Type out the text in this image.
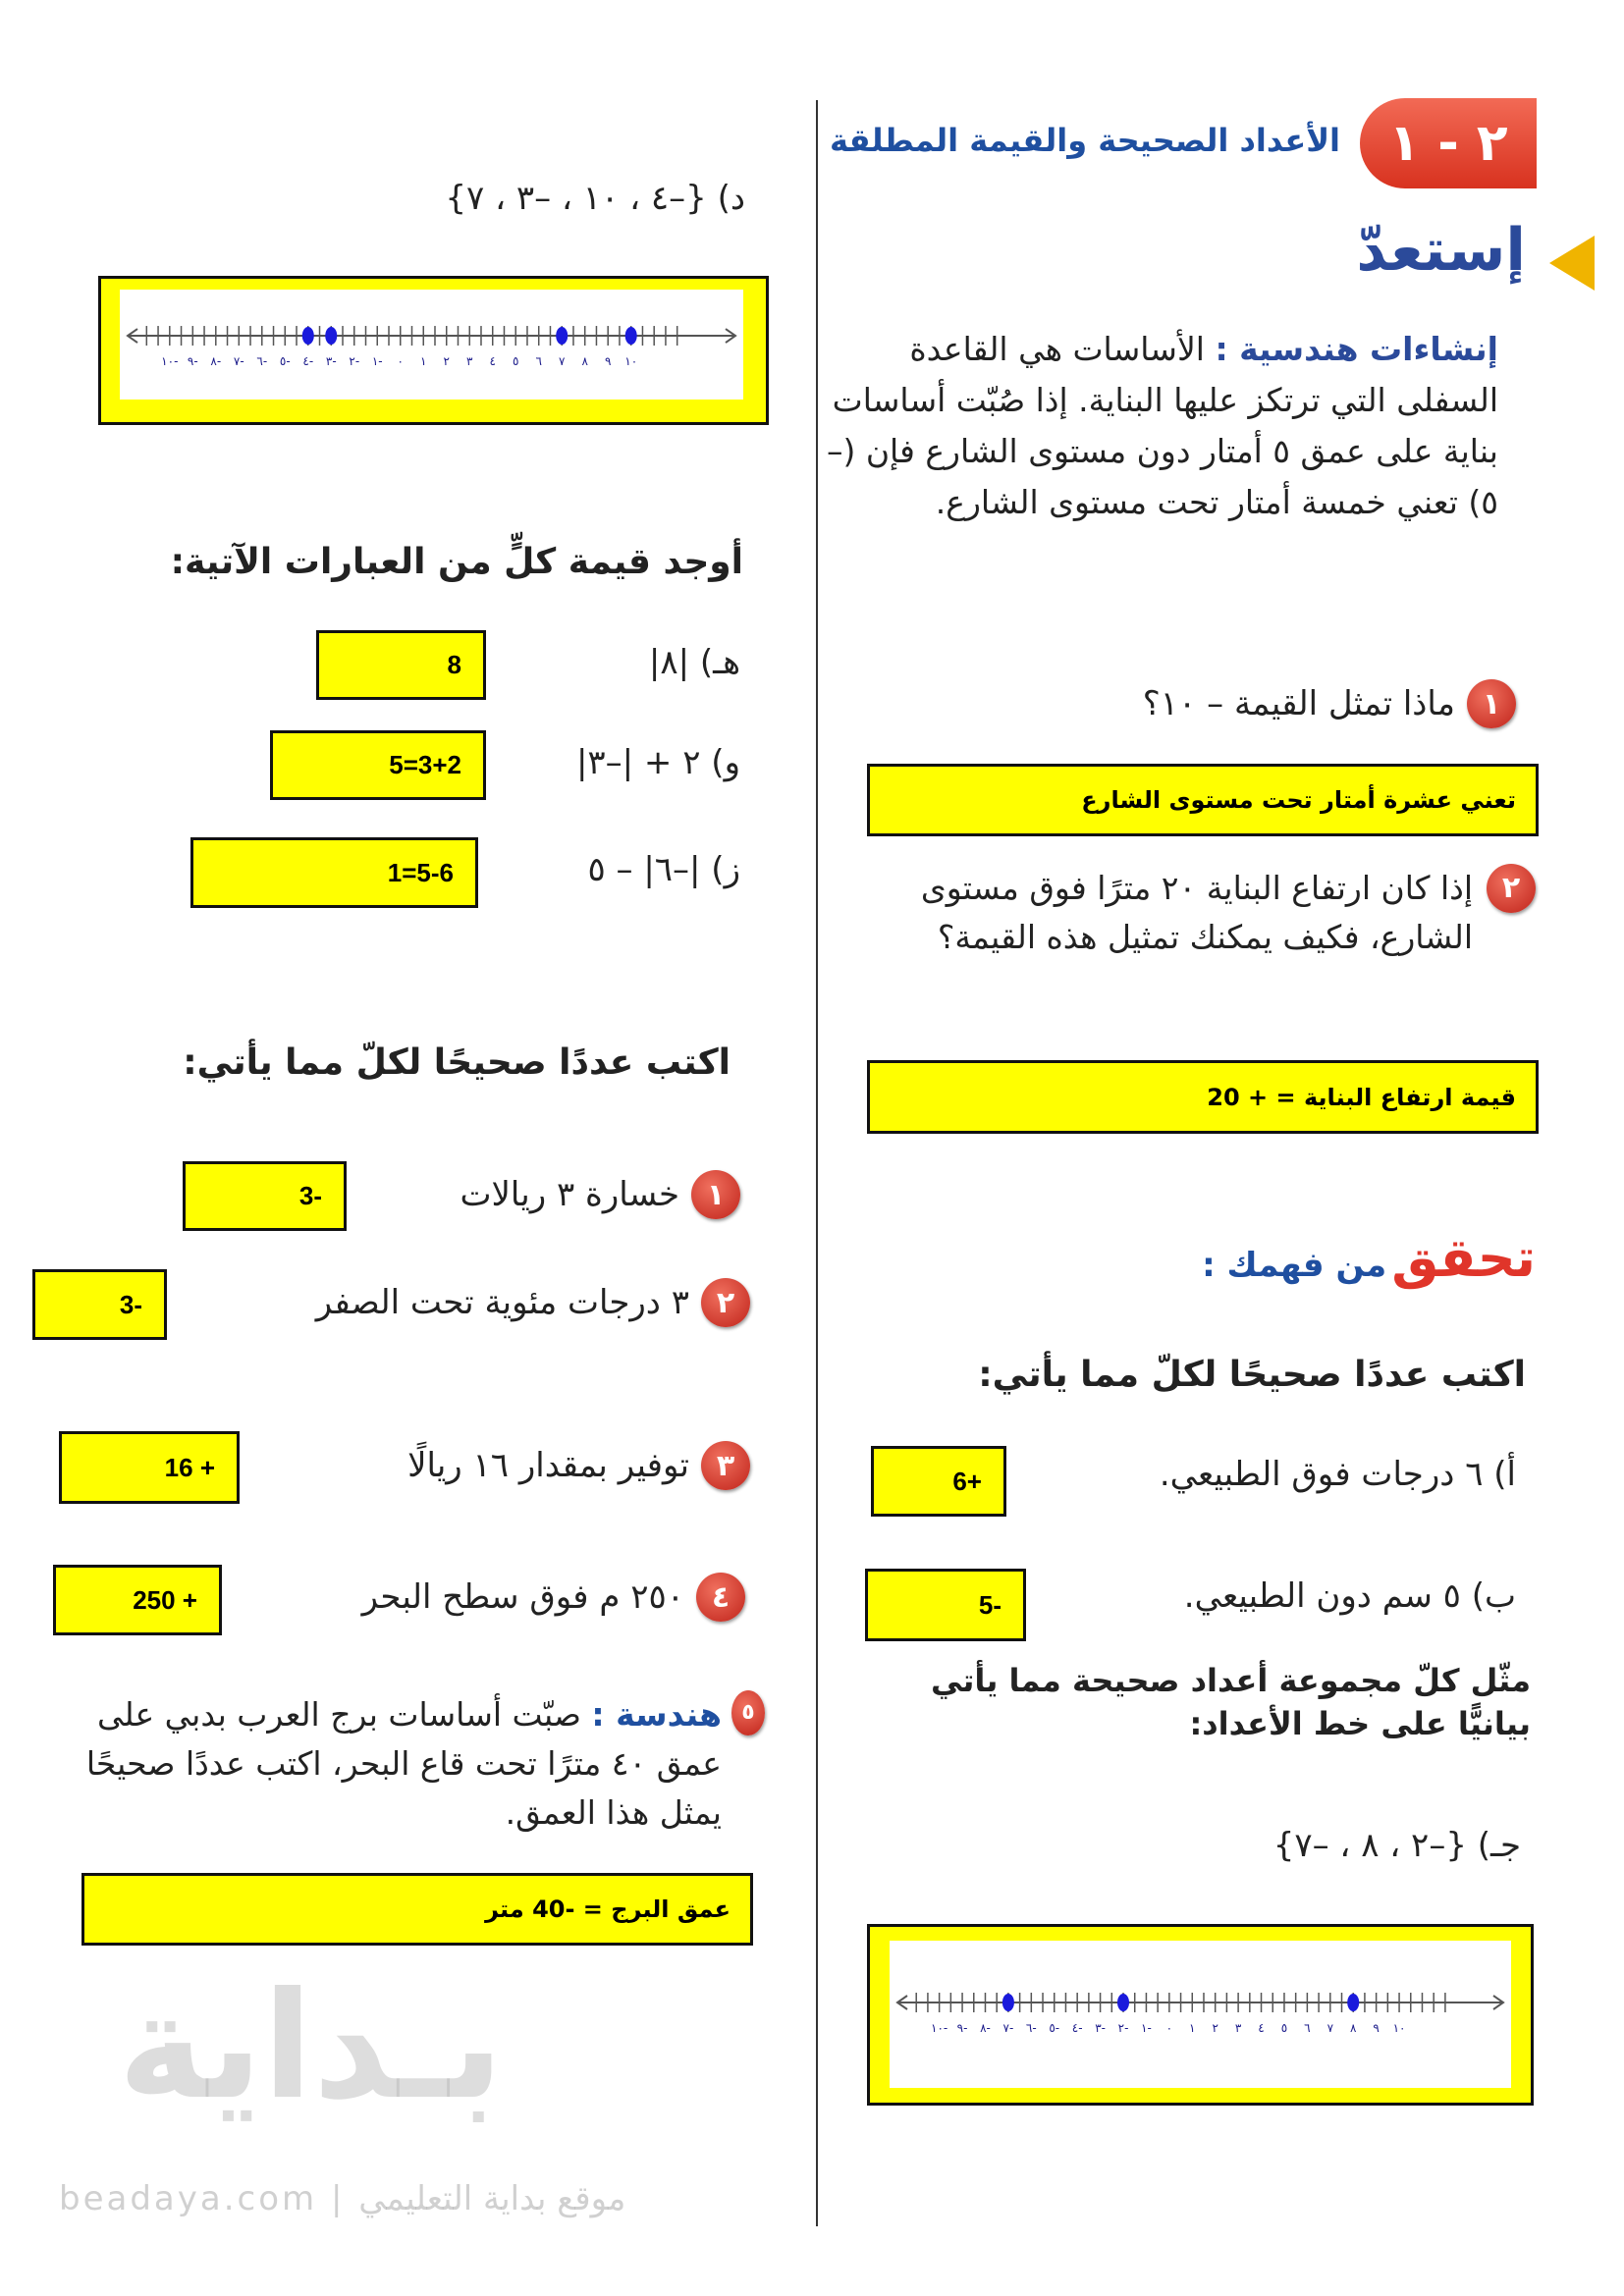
بـداية
beadaya.com | موقع بداية التعليمي
الأعداد الصحيحة والقيمة المطلقة ٢ - ١
إستعدّ
إنشاءات هندسية : الأساسات هي القاعدة السفلى التي ترتكز عليها البناية. إذا صُبّت أساسات بناية على عمق ٥ أمتار دون مستوى الشارع فإن (–٥) تعني خمسة أمتار تحت مستوى الشارع.
١
ماذا تمثل القيمة – ١٠؟
تعني عشرة أمتار تحت مستوى الشارع
٢
إذا كان ارتفاع البناية ٢٠ مترًا فوق مستوى الشارع، فكيف يمكنك تمثيل هذه القيمة؟
قيمة ارتفاع البناية = + 20
تحقق من فهمك :
اكتب عددًا صحيحًا لكلّ مما يأتي:
أ) ٦ درجات فوق الطبيعي.
6+
ب) ٥ سم دون الطبيعي.
5-
مثّل كلّ مجموعة أعداد صحيحة مما يأتي بيانيًّا على خط الأعداد:
جـ) {–٢ ، ٨ ، –٧}
١٠- ٩- ٨- ٧- ٦- ٥- ٤- ٣- ٢- ١- ٠ ١ ٢ ٣ ٤ ٥ ٦ ٧ ٨ ٩ ١٠
د) {–٤ ، ١٠ ، –٣ ، ٧}
١٠- ٩- ٨- ٧- ٦- ٥- ٤- ٣- ٢- ١- ٠ ١ ٢ ٣ ٤ ٥ ٦ ٧ ٨ ٩ ١٠
أوجد قيمة كلٍّ من العبارات الآتية:
هـ) |٨|
8
و) ٢ + |–٣|
5=3+2
ز) |–٦| – ٥
1=5-6
اكتب عددًا صحيحًا لكلّ مما يأتي:
١
خسارة ٣ ريالات
3-
٢
٣ درجات مئوية تحت الصفر
3-
٣
توفير بمقدار ١٦ ريالًا
16 +
٤
٢٥٠ م فوق سطح البحر
250 +
٥
هندسة : صبّت أساسات برج العرب بدبي على عمق ٤٠ مترًا تحت قاع البحر، اكتب عددًا صحيحًا يمثل هذا العمق.
عمق البرج = -40 متر
